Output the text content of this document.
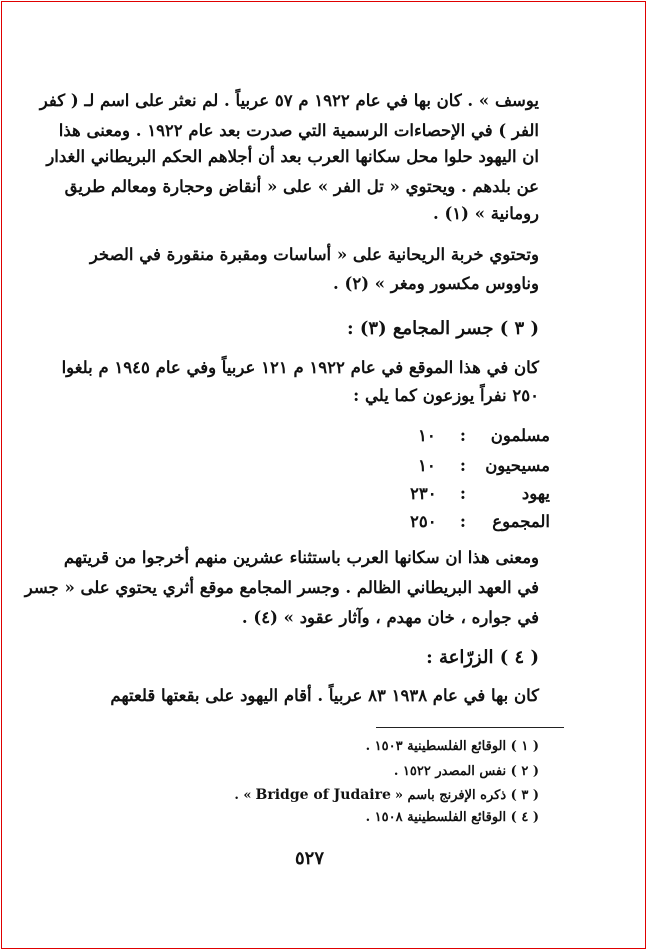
يوسف » . كان بها في عام ١٩٢٢ م ٥٧ عربياً . لم نعثر على اسم لـ ( كفر
الفر ) في الإحصاءات الرسمية التي صدرت بعد عام ١٩٢٢ . ومعنى هذا
ان اليهود حلوا محل سكانها العرب بعد أن أجلاهم الحكم البريطاني الغدار
عن بلدهم . ويحتوي « تل الفر » على « أنقاض وحجارة ومعالم طريق
رومانية » (١) .
وتحتوي خربة الريحانية على « أساسات ومقبرة منقورة في الصخر
وناووس مكسور ومغر » (٢) .
( ٣ ) جسر المجامع (٣) :
كان في هذا الموقع في عام ١٩٢٢ م ١٢١ عربياً وفي عام ١٩٤٥ م بلغوا
٢٥٠ نفراً يوزعون كما يلي :
مسلمون
:
١٠
مسيحيون
:
١٠
يهود
:
٢٣٠
المجموع
:
٢٥٠
ومعنى هذا ان سكانها العرب باستثناء عشرين منهم أخرجوا من قريتهم
في العهد البريطاني الظالم . وجسر المجامع موقع أثري يحتوي على « جسر
في جواره ، خان مهدم ، وآثار عقود » (٤) .
( ٤ ) الزرّاعة :
كان بها في عام ١٩٣٨ ٨٣ عربياً . أقام اليهود على بقعتها قلعتهم
( ١ ) الوقائع الفلسطينية ١٥٠٣ .
( ٢ ) نفس المصدر ١٥٢٢ .
( ٣ ) ذكره الإفرنج باسم «Bridge of Judaire» .
( ٤ ) الوقائع الفلسطينية ١٥٠٨ .
٥٢٧
